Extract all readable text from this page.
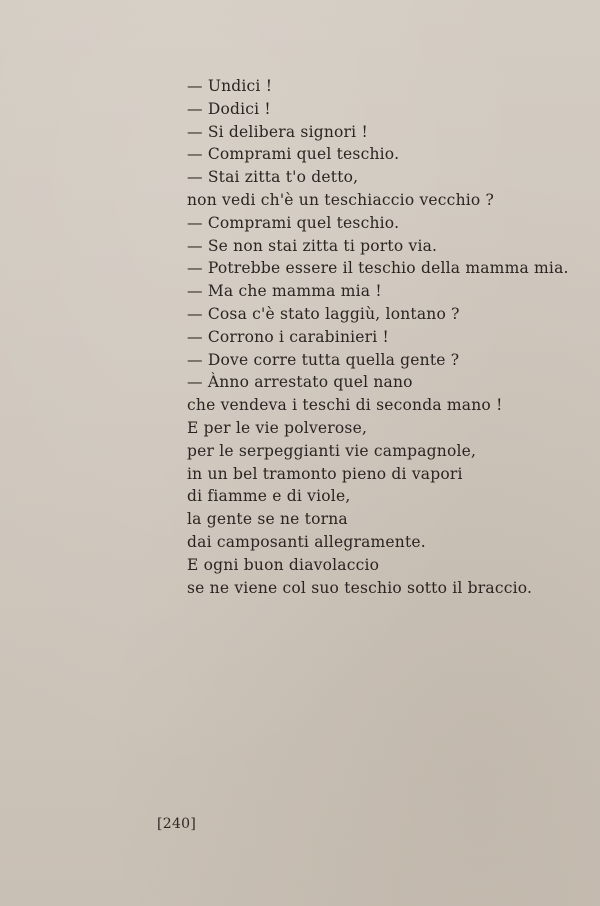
— Undici !
— Dodici !
— Si delibera signori !
— Comprami quel teschio.
— Stai zitta t'o detto,
non vedi ch'è un teschiaccio vecchio ?
— Comprami quel teschio.
— Se non stai zitta ti porto via.
— Potrebbe essere il teschio della mamma mia.
— Ma che mamma mia !
— Cosa c'è stato laggiù, lontano ?
— Corrono i carabinieri !
— Dove corre tutta quella gente ?
— Ànno arrestato quel nano
che vendeva i teschi di seconda mano !
E per le vie polverose,
per le serpeggianti vie campagnole,
in un bel tramonto pieno di vapori
di fiamme e di viole,
la gente se ne torna
dai camposanti allegramente.
E ogni buon diavolaccio
se ne viene col suo teschio sotto il braccio.
[240]
